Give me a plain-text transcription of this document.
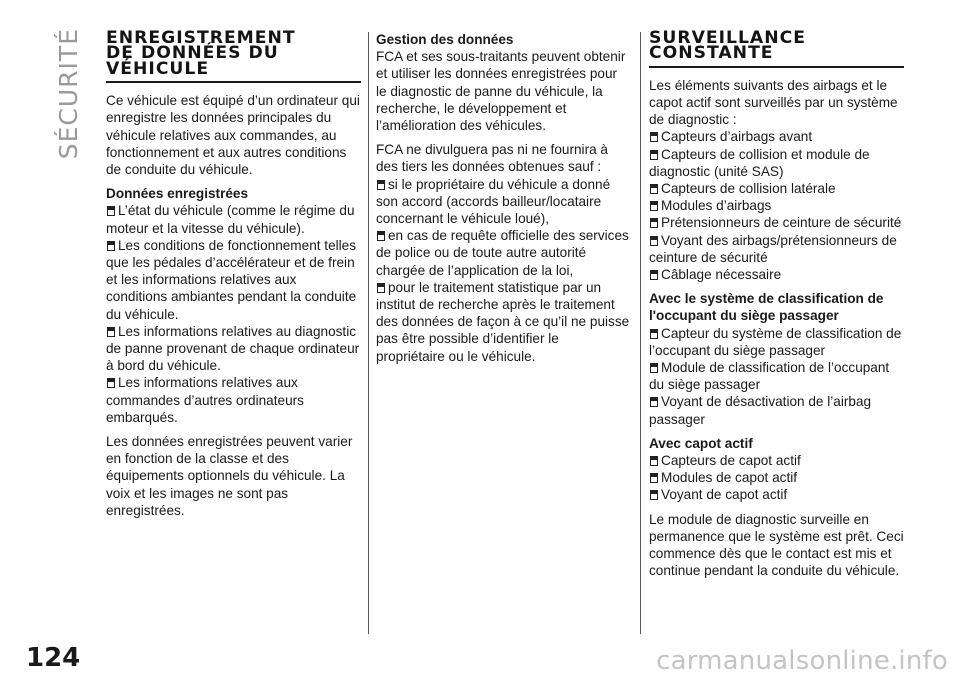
SÉCURITÉ ENREGISTREMENT
DE DONNÉES DU
VÉHICULE

Ce véhicule est équipé d’un ordinateur qui enregistre les données principales du véhicule relatives aux commandes, au fonctionnement et aux autres conditions de conduite du véhicule.

Données enregistrées
L’état du véhicule (comme le régime du moteur et la vitesse du véhicule).
Les conditions de fonctionnement telles que les pédales d’accélérateur et de frein et les informations relatives aux conditions ambiantes pendant la conduite du véhicule.
Les informations relatives au diagnostic de panne provenant de chaque ordinateur à bord du véhicule.
Les informations relatives aux commandes d’autres ordinateurs embarqués.

Les données enregistrées peuvent varier en fonction de la classe et des équipements optionnels du véhicule. La voix et les images ne sont pas enregistrées.

Gestion des données

FCA et ses sous-traitants peuvent obtenir et utiliser les données enregistrées pour le diagnostic de panne du véhicule, la recherche, le développement et l’amélioration des véhicules.

FCA ne divulguera pas ni ne fournira à des tiers les données obtenues sauf :
si le propriétaire du véhicule a donné son accord (accords bailleur/locataire concernant le véhicule loué),
en cas de requête officielle des services de police ou de toute autre autorité chargée de l’application de la loi,
pour le traitement statistique par un institut de recherche après le traitement des données de façon à ce qu’il ne puisse pas être possible d’identifier le propriétaire ou le véhicule.
SURVEILLANCE
CONSTANTE
Les éléments suivants des airbags et le capot actif sont surveillés par un système de diagnostic :
Capteurs d’airbags avant
Capteurs de collision et module de diagnostic (unité SAS)
Capteurs de collision latérale
Modules d’airbags
Prétensionneurs de ceinture de sécurité
Voyant des airbags/prétensionneurs de ceinture de sécurité
Câblage nécessaire
Avec le système de classification de l'occupant du siège passager
Capteur du système de classification de l’occupant du siège passager
Module de classification de l’occupant du siège passager
Voyant de désactivation de l’airbag passager
Avec capot actif
Capteurs de capot actif
Modules de capot actif
Voyant de capot actif

Le module de diagnostic surveille en permanence que le système est prêt. Ceci commence dès que le contact est mis et continue pendant la conduite du véhicule.

124	carmanualsonline.info
